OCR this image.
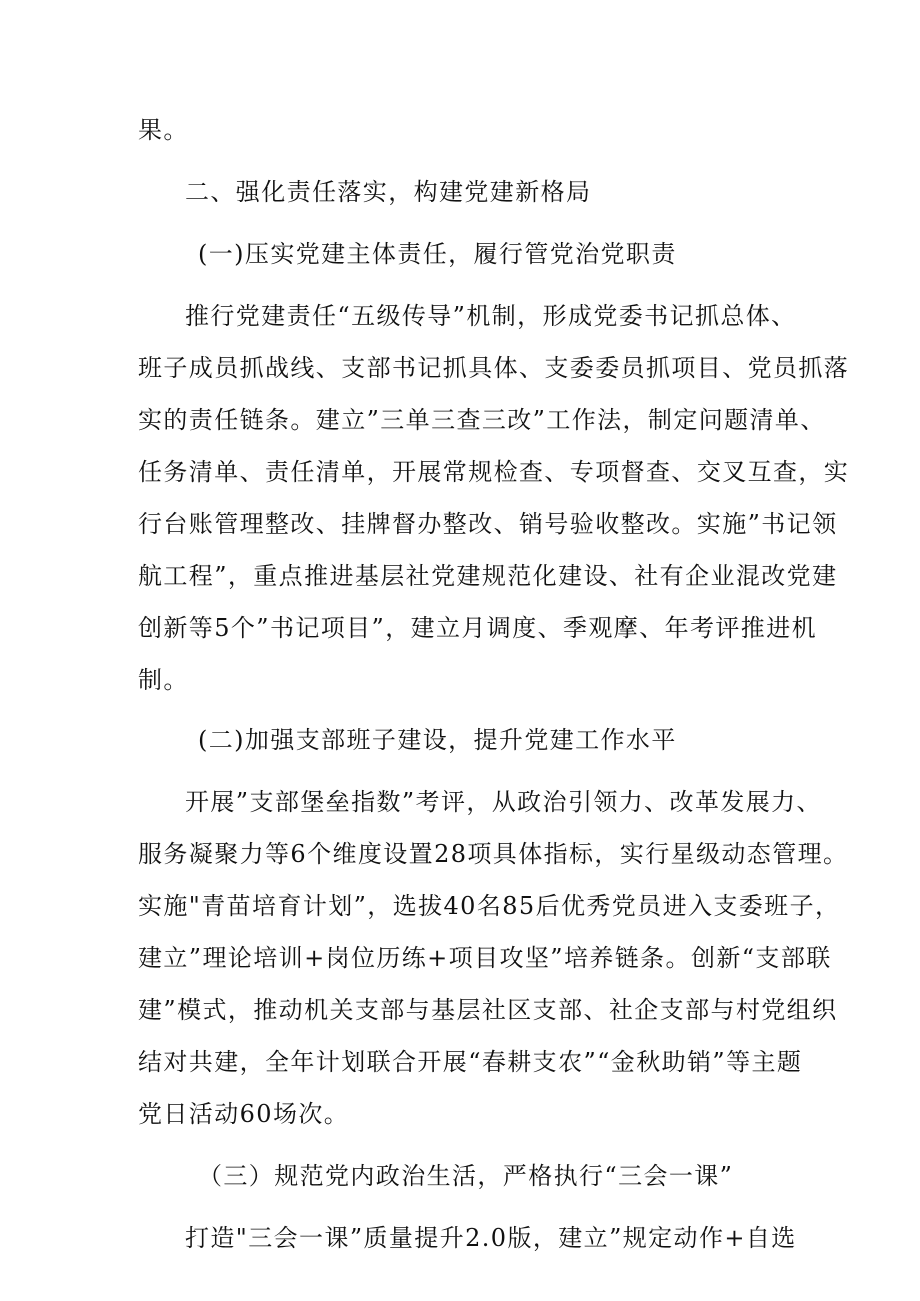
果。
二、强化责任落实，构建党建新格局
(一)压实党建主体责任，履行管党治党职责
推行党建责任“五级传导”机制，形成党委书记抓总体、
班子成员抓战线、支部书记抓具体、支委委员抓项目、党员抓落
实的责任链条。建立”三单三查三改”工作法，制定问题清单、
任务清单、责任清单，开展常规检查、专项督查、交叉互查，实
行台账管理整改、挂牌督办整改、销号验收整改。实施”书记领
航工程”，重点推进基层社党建规范化建设、社有企业混改党建
创新等5个”书记项目”，建立月调度、季观摩、年考评推进机
制。
(二)加强支部班子建设，提升党建工作水平
开展”支部堡垒指数”考评，从政治引领力、改革发展力、
服务凝聚力等6个维度设置28项具体指标，实行星级动态管理。
实施"青苗培育计划”，选拔40名85后优秀党员进入支委班子，
建立”理论培训+岗位历练+项目攻坚”培养链条。创新“支部联
建”模式，推动机关支部与基层社区支部、社企支部与村党组织
结对共建，全年计划联合开展“春耕支农”“金秋助销”等主题
党日活动60场次。
（三）规范党内政治生活，严格执行“三会一课”
打造"三会一课”质量提升2.0版，建立”规定动作+自选
